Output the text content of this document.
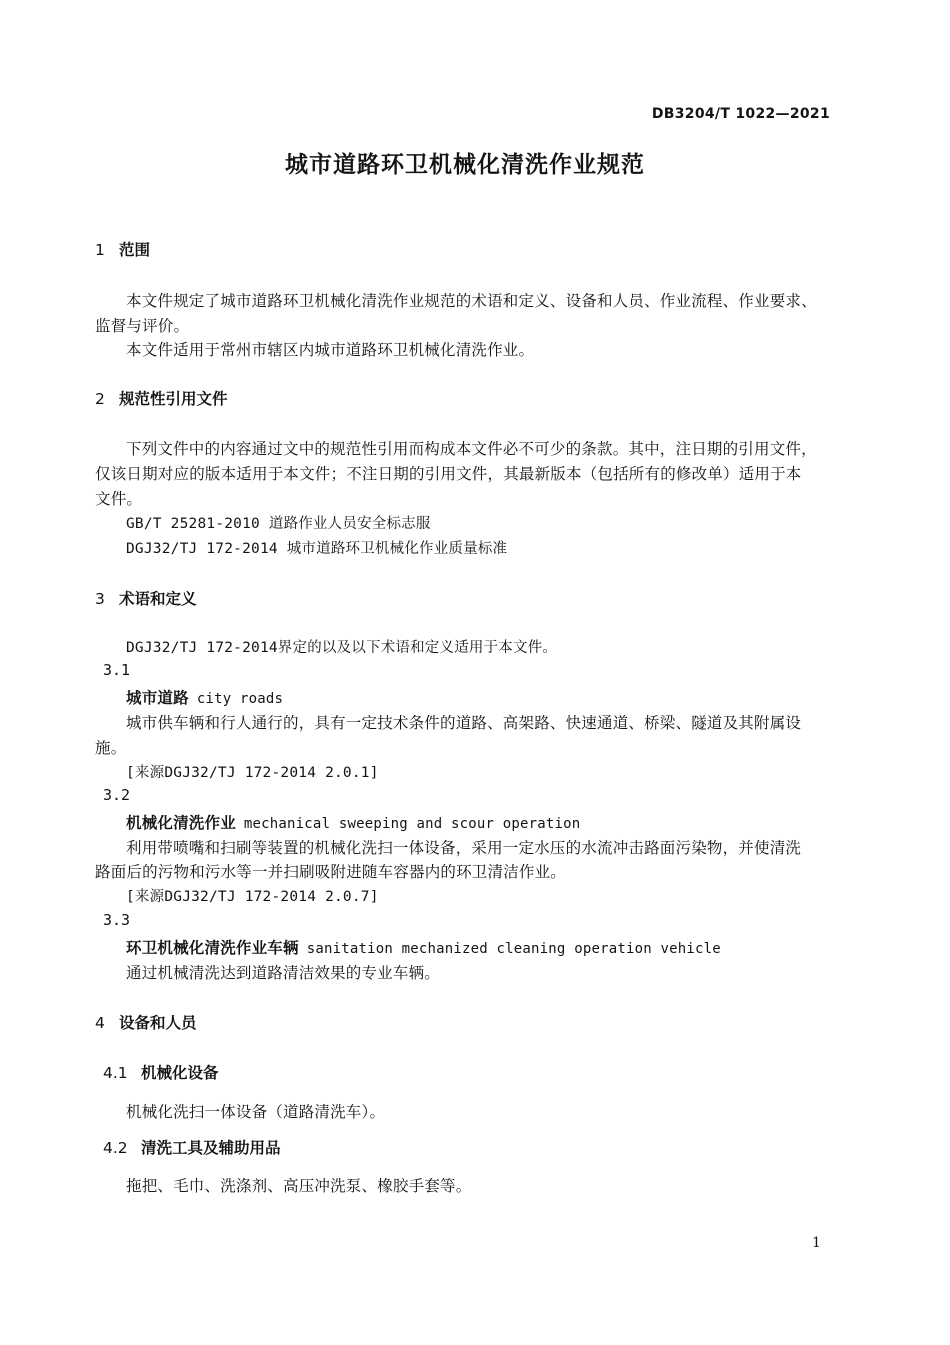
DB3204/T 1022—2021
城市道路环卫机械化清洗作业规范
1 范围
本文件规定了城市道路环卫机械化清洗作业规范的术语和定义、设备和人员、作业流程、作业要求、
监督与评价。
本文件适用于常州市辖区内城市道路环卫机械化清洗作业。
2 规范性引用文件
下列文件中的内容通过文中的规范性引用而构成本文件必不可少的条款。其中，注日期的引用文件，
仅该日期对应的版本适用于本文件；不注日期的引用文件，其最新版本（包括所有的修改单）适用于本
文件。
GB/T 25281-2010 道路作业人员安全标志服
DGJ32/TJ 172-2014 城市道路环卫机械化作业质量标准
3 术语和定义
DGJ32/TJ 172-2014界定的以及以下术语和定义适用于本文件。
3.1
城市道路 city roads
城市供车辆和行人通行的，具有一定技术条件的道路、高架路、快速通道、桥梁、隧道及其附属设
施。
[来源DGJ32/TJ 172-2014 2.0.1]
3.2
机械化清洗作业 mechanical sweeping and scour operation
利用带喷嘴和扫刷等装置的机械化洗扫一体设备，采用一定水压的水流冲击路面污染物，并使清洗
路面后的污物和污水等一并扫刷吸附进随车容器内的环卫清洁作业。
[来源DGJ32/TJ 172-2014 2.0.7]
3.3
环卫机械化清洗作业车辆 sanitation mechanized cleaning operation vehicle
通过机械清洗达到道路清洁效果的专业车辆。
4 设备和人员
4.1 机械化设备
机械化洗扫一体设备（道路清洗车）。
4.2 清洗工具及辅助用品
拖把、毛巾、洗涤剂、高压冲洗泵、橡胶手套等。
1
